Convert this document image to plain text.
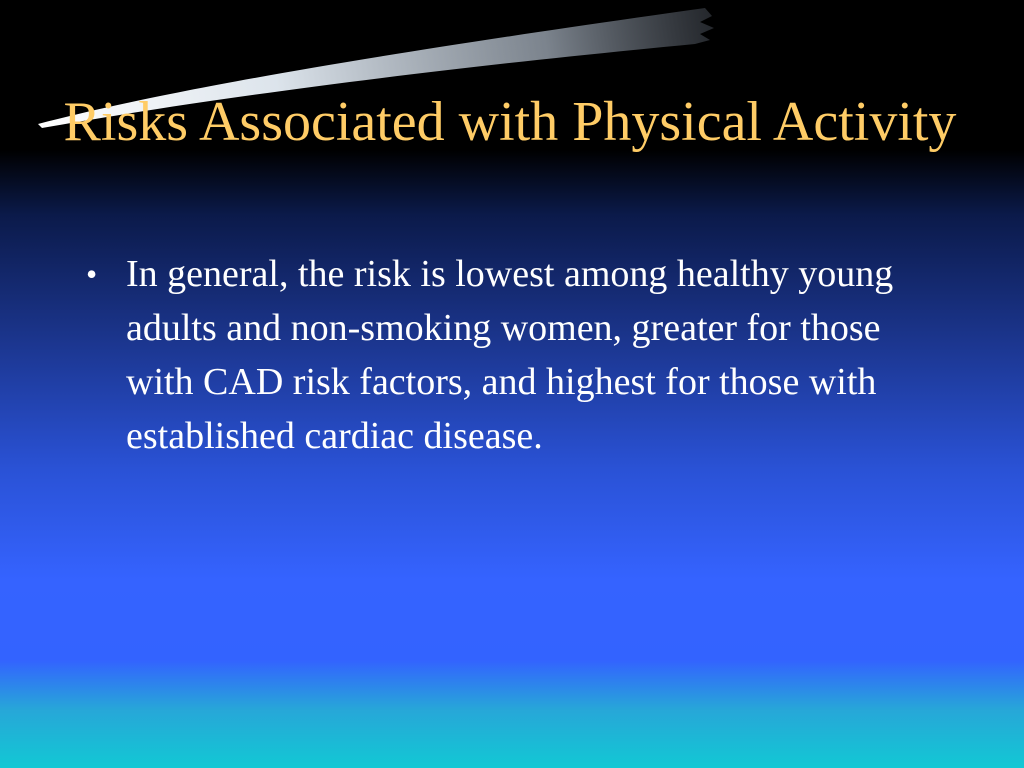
Risks Associated with Physical Activity
• In general, the risk is lowest among healthy young adults and non-smoking women, greater for those with CAD risk factors, and highest for those with established cardiac disease.
